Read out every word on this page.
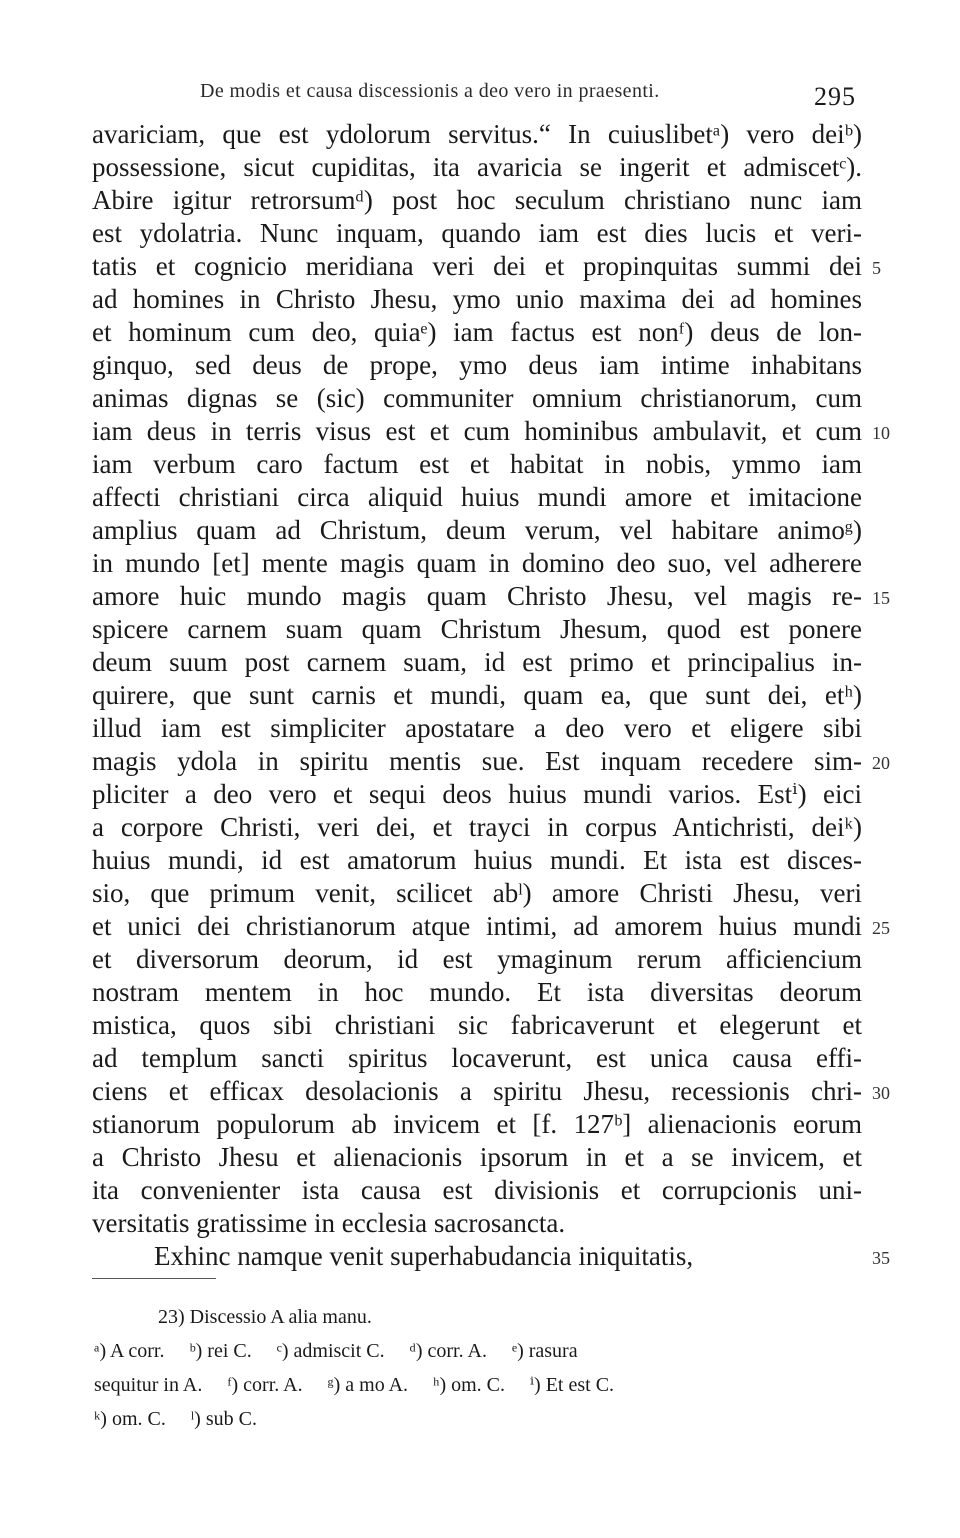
De modis et causa discessionis a deo vero in praesenti.	295
avariciam, que est ydolorum servitus.“ In cuiuslibetᵃ) vero deiᵇ)
possessione, sicut cupiditas, ita avaricia se ingerit et admiscetᶜ).
Abire igitur retrorsumᵈ) post hoc seculum christiano nunc iam
est ydolatria. Nunc inquam, quando iam est dies lucis et veri-
tatis et cognicio meridiana veri dei et propinquitas summi dei
ad homines in Christo Jhesu, ymo unio maxima dei ad homines
et hominum cum deo, quiaᵉ) iam factus est nonᶠ) deus de lon-
ginquo, sed deus de prope, ymo deus iam intime inhabitans
animas dignas se (sic) communiter omnium christianorum, cum
iam deus in terris visus est et cum hominibus ambulavit, et cum
iam verbum caro factum est et habitat in nobis, ymmo iam
affecti christiani circa aliquid huius mundi amore et imitacione
amplius quam ad Christum, deum verum, vel habitare animoᵍ)
in mundo [et] mente magis quam in domino deo suo, vel adherere
amore huic mundo magis quam Christo Jhesu, vel magis re-
spicere carnem suam quam Christum Jhesum, quod est ponere
deum suum post carnem suam, id est primo et principalius in-
quirere, que sunt carnis et mundi, quam ea, que sunt dei, etʰ)
illud iam est simpliciter apostatare a deo vero et eligere sibi
magis ydola in spiritu mentis sue. Est inquam recedere sim-
pliciter a deo vero et sequi deos huius mundi varios. Estⁱ) eici
a corpore Christi, veri dei, et trayci in corpus Antichristi, deiᵏ)
huius mundi, id est amatorum huius mundi. Et ista est disces-
sio, que primum venit, scilicet abˡ) amore Christi Jhesu, veri
et unici dei christianorum atque intimi, ad amorem huius mundi
et diversorum deorum, id est ymaginum rerum afficiencium
nostram mentem in hoc mundo. Et ista diversitas deorum
mistica, quos sibi christiani sic fabricaverunt et elegerunt et
ad templum sancti spiritus locaverunt, est unica causa effi-
ciens et efficax desolacionis a spiritu Jhesu, recessionis chri-
stianorum populorum ab invicem et [f. 127ᵇ] alienacionis eorum
a Christo Jhesu et alienacionis ipsorum in et a se invicem, et
ita convenienter ista causa est divisionis et corrupcionis uni-
versitatis gratissime in ecclesia sacrosancta.
Exhinc namque venit superhabudancia iniquitatis,
23) Discessio A alia manu.
ᵃ) A corr.     ᵇ) rei C.     ᶜ) admiscit C.     ᵈ) corr. A.     ᵉ) rasura
sequitur in A.     ᶠ) corr. A.     ᵍ) a mo A.     ʰ) om. C.     ⁱ) Et est C.
ᵏ) om. C.     ˡ) sub C.
5
10
15
20
25
30
35
